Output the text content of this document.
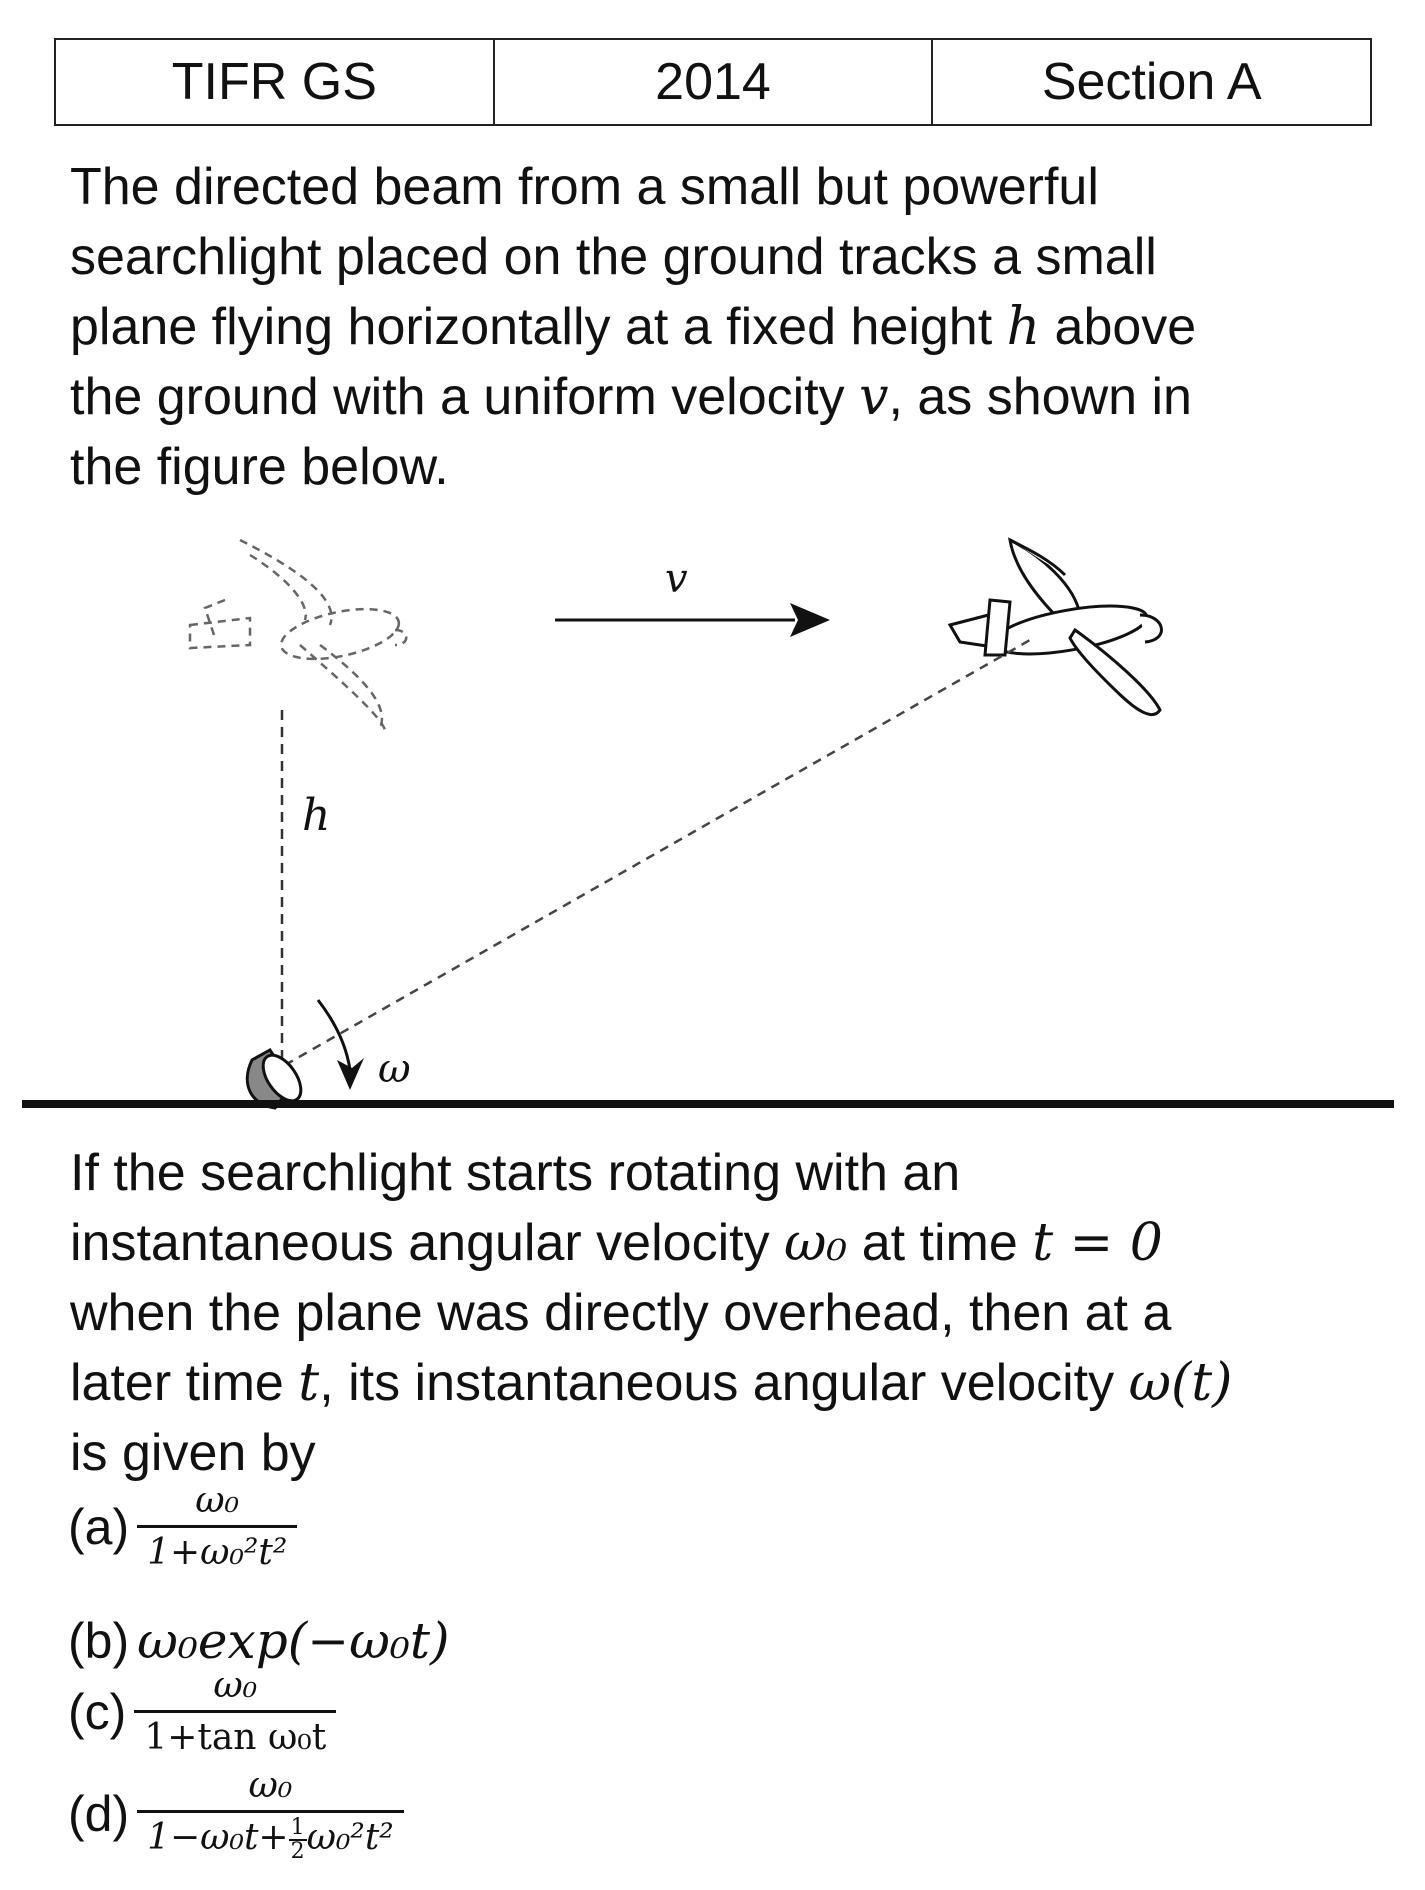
TIFR GS	2014	Section A
The directed beam from a small but powerful
searchlight placed on the ground tracks a small
plane flying horizontally at a fixed height h above
the ground with a uniform velocity v, as shown in
the figure below.
h
v
ω
If the searchlight starts rotating with an
instantaneous angular velocity ω₀ at time t = 0
when the plane was directly overhead, then at a
later time t, its instantaneous angular velocity ω(t)
is given by
$(a) \frac{\text{ω₀}}{\text{1+ω₀²t²}}$
(b) ω₀exp(−ω₀t)
$(c) \frac{\text{ω₀}}{\text{1+tan ω₀t}}$
$(d) \frac{\text{ω₀}}{1-\omega_0t+ \frac{1}{2} \omega_0^2t^2}$
